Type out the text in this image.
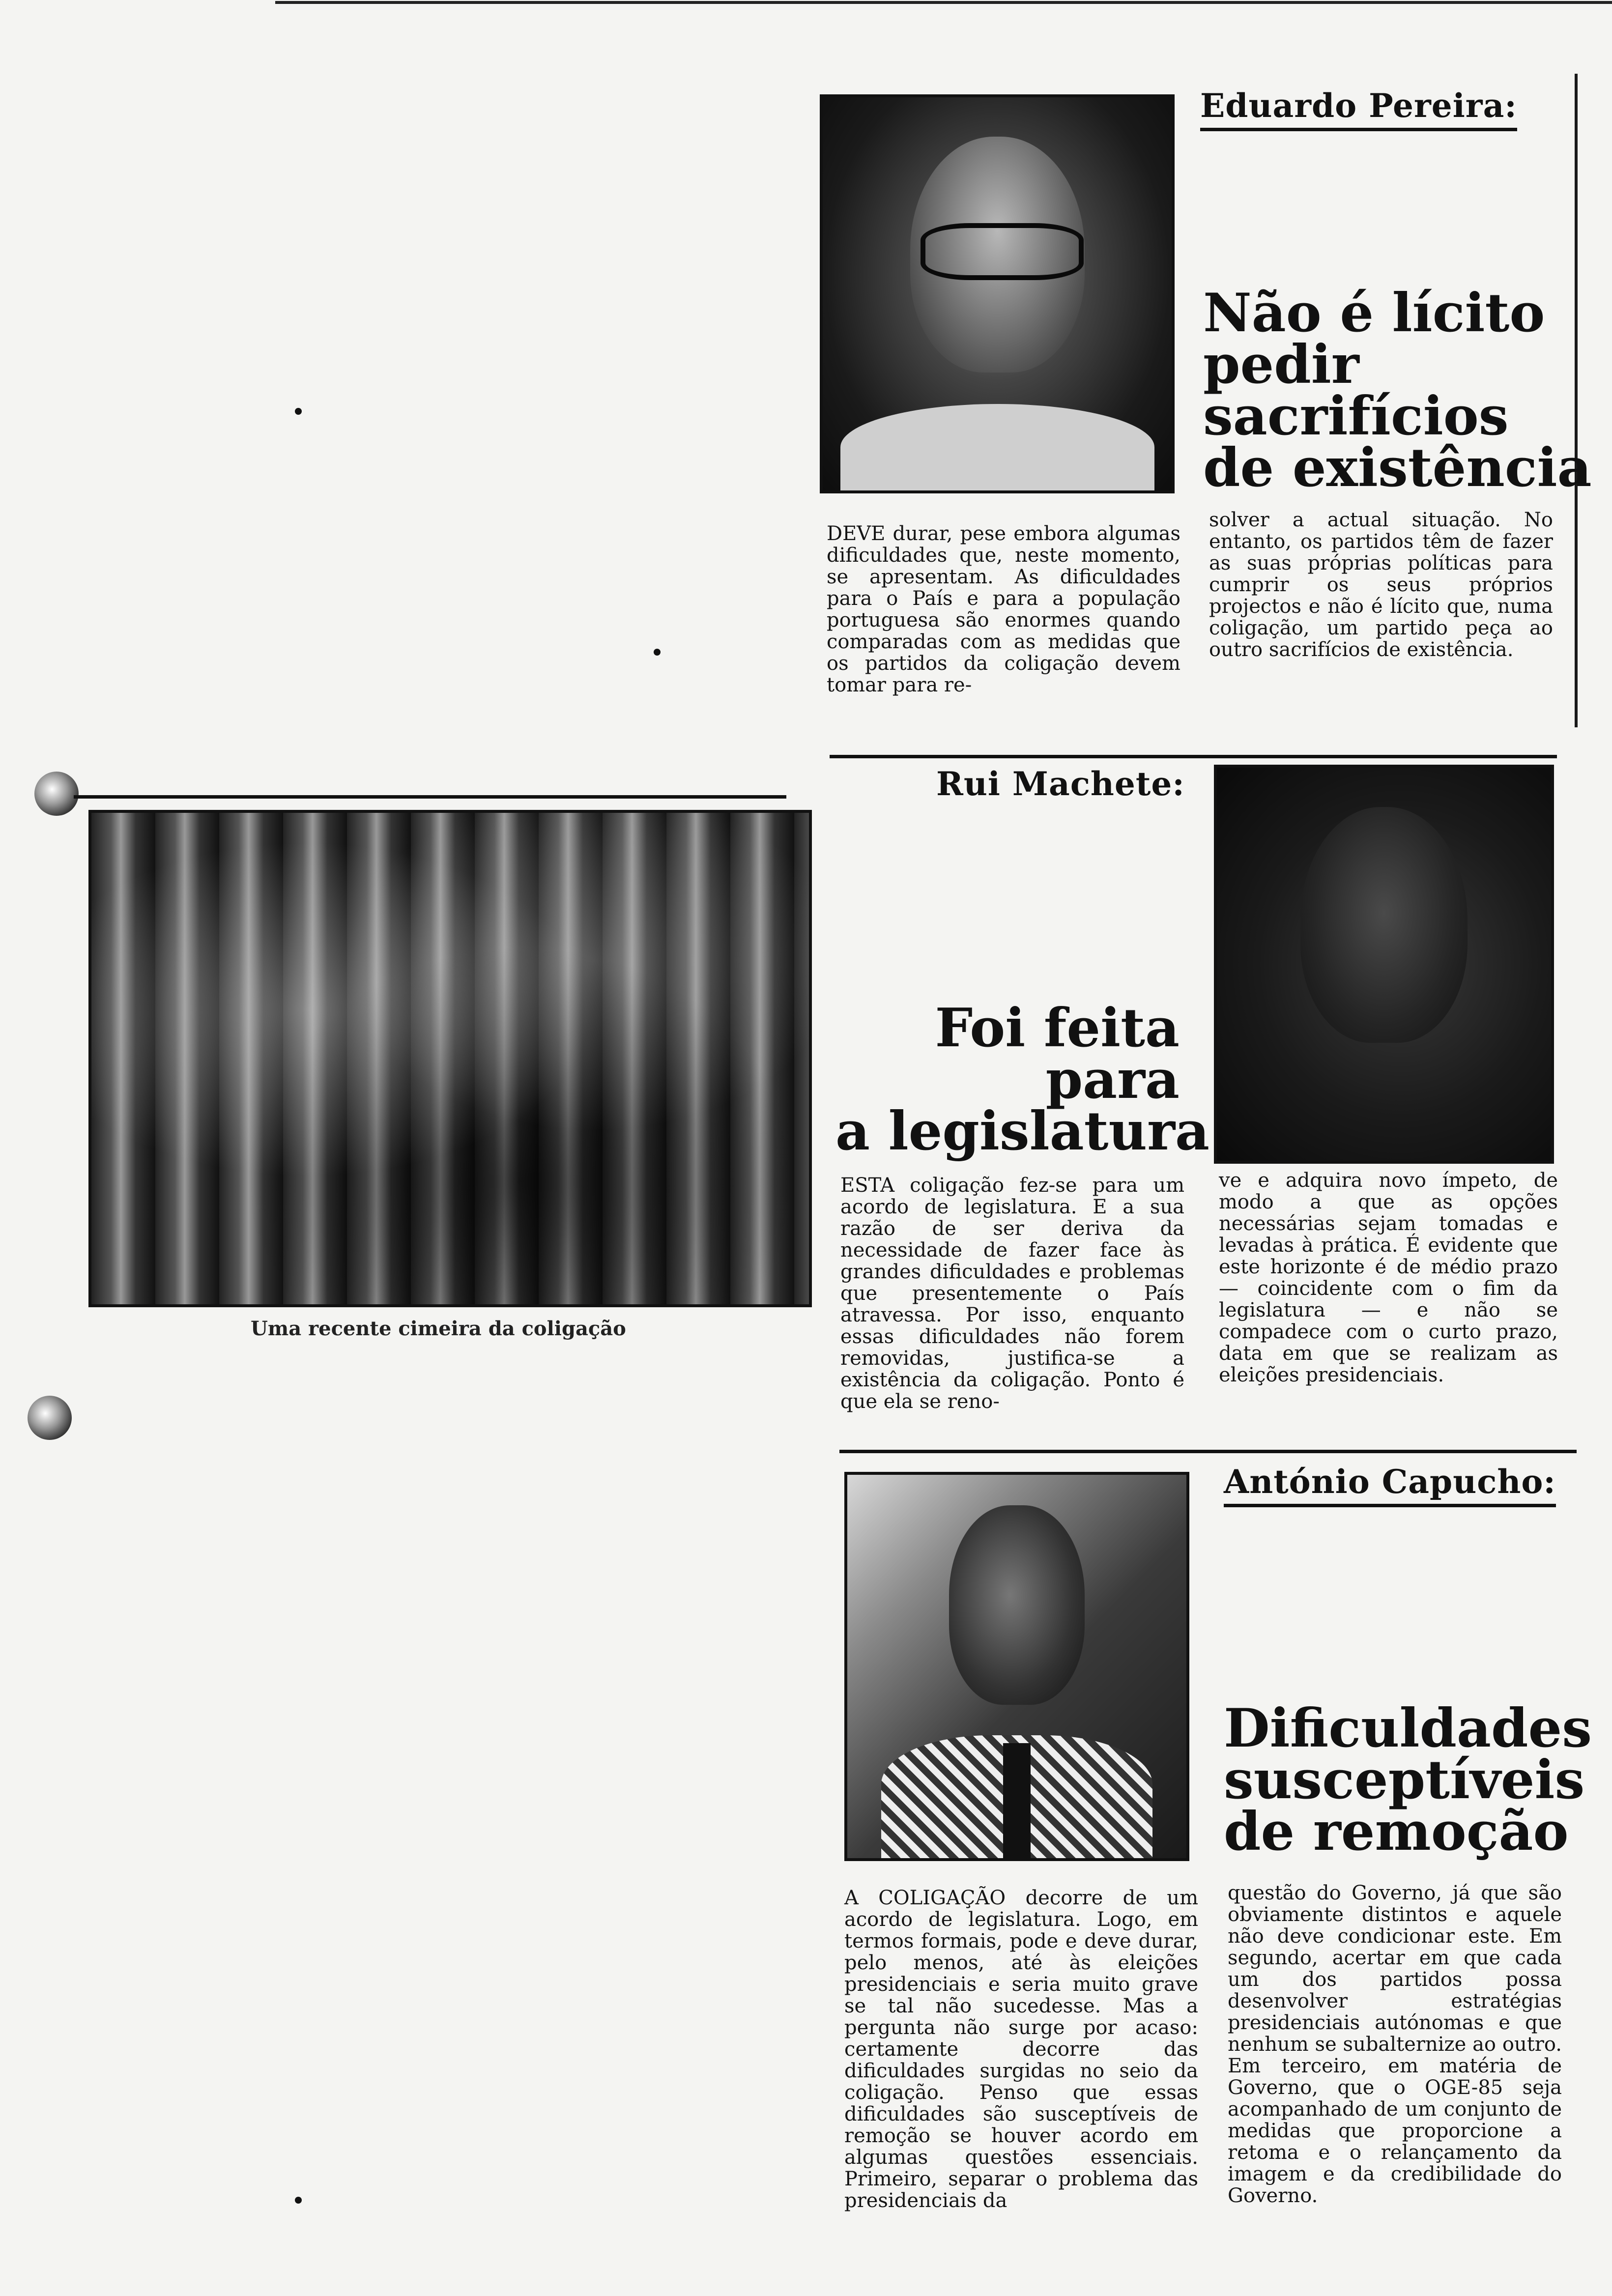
Eduardo Pereira:
Não é lícito
pedir
sacrifícios
de existência

DEVE durar, pese embora algumas dificuldades que, neste momento, se apresentam. As dificuldades para o País e para a população portuguesa são enormes quando comparadas com as medidas que os partidos da coligação devem tomar para re-

solver a actual situação. No entanto, os partidos têm de fazer as suas próprias políticas para cumprir os seus próprios projectos e não é lícito que, numa coligação, um partido peça ao outro sacrifícios de existência.

Uma recente cimeira da coligação
Rui Machete:
Foi feita
para
a legislatura

ESTA coligação fez-se para um acordo de legislatura. E a sua razão de ser deriva da necessidade de fazer face às grandes dificuldades e problemas que presentemente o País atravessa. Por isso, enquanto essas dificuldades não forem removidas, justifica-se a existência da coligação. Ponto é que ela se reno-

ve e adquira novo ímpeto, de modo a que as opções necessárias sejam tomadas e levadas à prática. É evidente que este horizonte é de médio prazo — coincidente com o fim da legislatura — e não se compadece com o curto prazo, data em que se realizam as eleições presidenciais.

António Capucho:
Dificuldades
susceptíveis
de remoção

A COLIGAÇÃO decorre de um acordo de legislatura. Logo, em termos formais, pode e deve durar, pelo menos, até às eleições presidenciais e seria muito grave se tal não sucedesse. Mas a pergunta não surge por acaso: certamente decorre das dificuldades surgidas no seio da coligação. Penso que essas dificuldades são susceptíveis de remoção se houver acordo em algumas questões essenciais. Primeiro, separar o problema das presidenciais da

questão do Governo, já que são obviamente distintos e aquele não deve condicionar este. Em segundo, acertar em que cada um dos partidos possa desenvolver estratégias presidenciais autónomas e que nenhum se subalternize ao outro. Em terceiro, em matéria de Governo, que o OGE-85 seja acompanhado de um conjunto de medidas que proporcione a retoma e o relançamento da imagem e da credibilidade do Governo.
